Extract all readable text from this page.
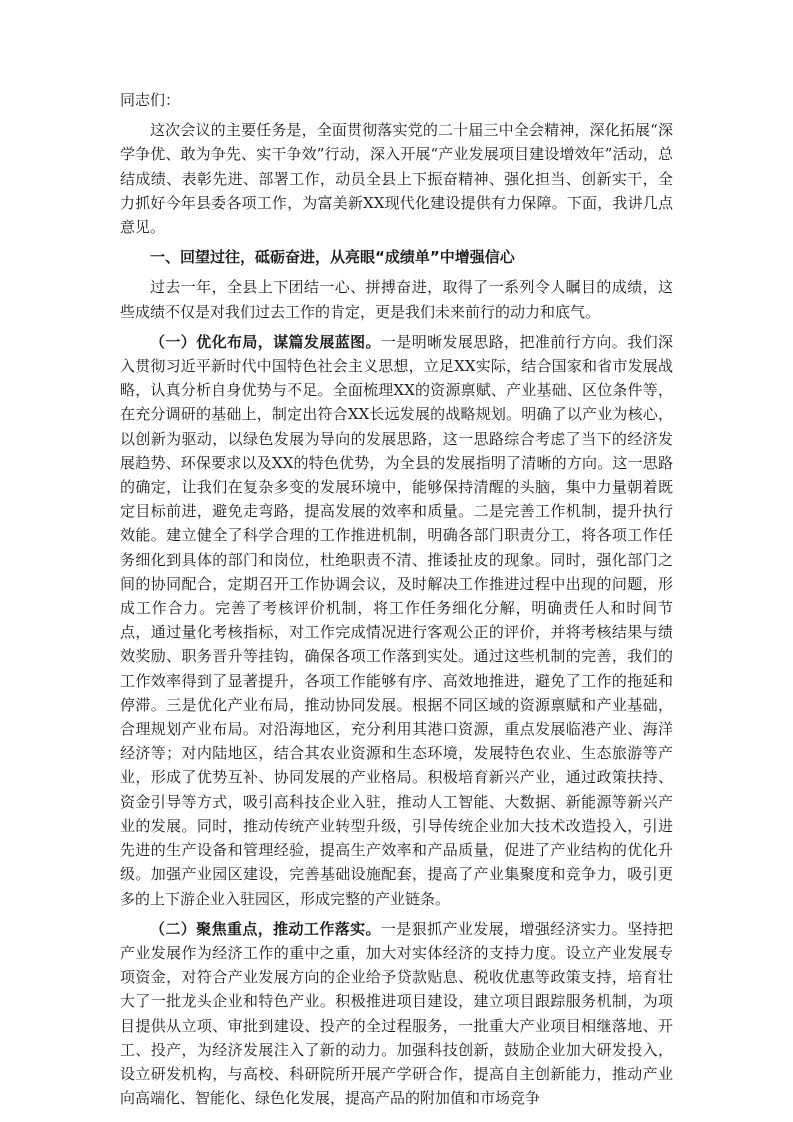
同志们：

这次会议的主要任务是，全面贯彻落实党的二十届三中全会精神，深化拓展“深学争优、敢为争先、实干争效”行动，深入开展“产业发展项目建设增效年”活动，总结成绩、表彰先进、部署工作，动员全县上下振奋精神、强化担当、创新实干，全力抓好今年县委各项工作，为富美新XX现代化建设提供有力保障。下面，我讲几点意见。

一、回望过往，砥砺奋进，从亮眼“成绩单”中增强信心

过去一年，全县上下团结一心、拼搏奋进，取得了一系列令人瞩目的成绩，这些成绩不仅是对我们过去工作的肯定，更是我们未来前行的动力和底气。

（一）优化布局，谋篇发展蓝图。一是明晰发展思路，把准前行方向。我们深入贯彻习近平新时代中国特色社会主义思想，立足XX实际，结合国家和省市发展战略，认真分析自身优势与不足。全面梳理XX的资源禀赋、产业基础、区位条件等，在充分调研的基础上，制定出符合XX长远发展的战略规划。明确了以产业为核心，以创新为驱动，以绿色发展为导向的发展思路，这一思路综合考虑了当下的经济发展趋势、环保要求以及XX的特色优势，为全县的发展指明了清晰的方向。这一思路的确定，让我们在复杂多变的发展环境中，能够保持清醒的头脑，集中力量朝着既定目标前进，避免走弯路，提高发展的效率和质量。二是完善工作机制，提升执行效能。建立健全了科学合理的工作推进机制，明确各部门职责分工，将各项工作任务细化到具体的部门和岗位，杜绝职责不清、推诿扯皮的现象。同时，强化部门之间的协同配合，定期召开工作协调会议，及时解决工作推进过程中出现的问题，形成工作合力。完善了考核评价机制，将工作任务细化分解，明确责任人和时间节点，通过量化考核指标，对工作完成情况进行客观公正的评价，并将考核结果与绩效奖励、职务晋升等挂钩，确保各项工作落到实处。通过这些机制的完善，我们的工作效率得到了显著提升，各项工作能够有序、高效地推进，避免了工作的拖延和停滞。三是优化产业布局，推动协同发展。根据不同区域的资源禀赋和产业基础，合理规划产业布局。对沿海地区，充分利用其港口资源，重点发展临港产业、海洋经济等；对内陆地区，结合其农业资源和生态环境，发展特色农业、生态旅游等产业，形成了优势互补、协同发展的产业格局。积极培育新兴产业，通过政策扶持、资金引导等方式，吸引高科技企业入驻，推动人工智能、大数据、新能源等新兴产业的发展。同时，推动传统产业转型升级，引导传统企业加大技术改造投入，引进先进的生产设备和管理经验，提高生产效率和产品质量，促进了产业结构的优化升级。加强产业园区建设，完善基础设施配套，提高了产业集聚度和竞争力，吸引更多的上下游企业入驻园区，形成完整的产业链条。

（二）聚焦重点，推动工作落实。一是狠抓产业发展，增强经济实力。坚持把产业发展作为经济工作的重中之重，加大对实体经济的支持力度。设立产业发展专项资金，对符合产业发展方向的企业给予贷款贴息、税收优惠等政策支持，培育壮大了一批龙头企业和特色产业。积极推进项目建设，建立项目跟踪服务机制，为项目提供从立项、审批到建设、投产的全过程服务，一批重大产业项目相继落地、开工、投产，为经济发展注入了新的动力。加强科技创新，鼓励企业加大研发投入，设立研发机构，与高校、科研院所开展产学研合作，提高自主创新能力，推动产业向高端化、智能化、绿色化发展，提高产品的附加值和市场竞争
